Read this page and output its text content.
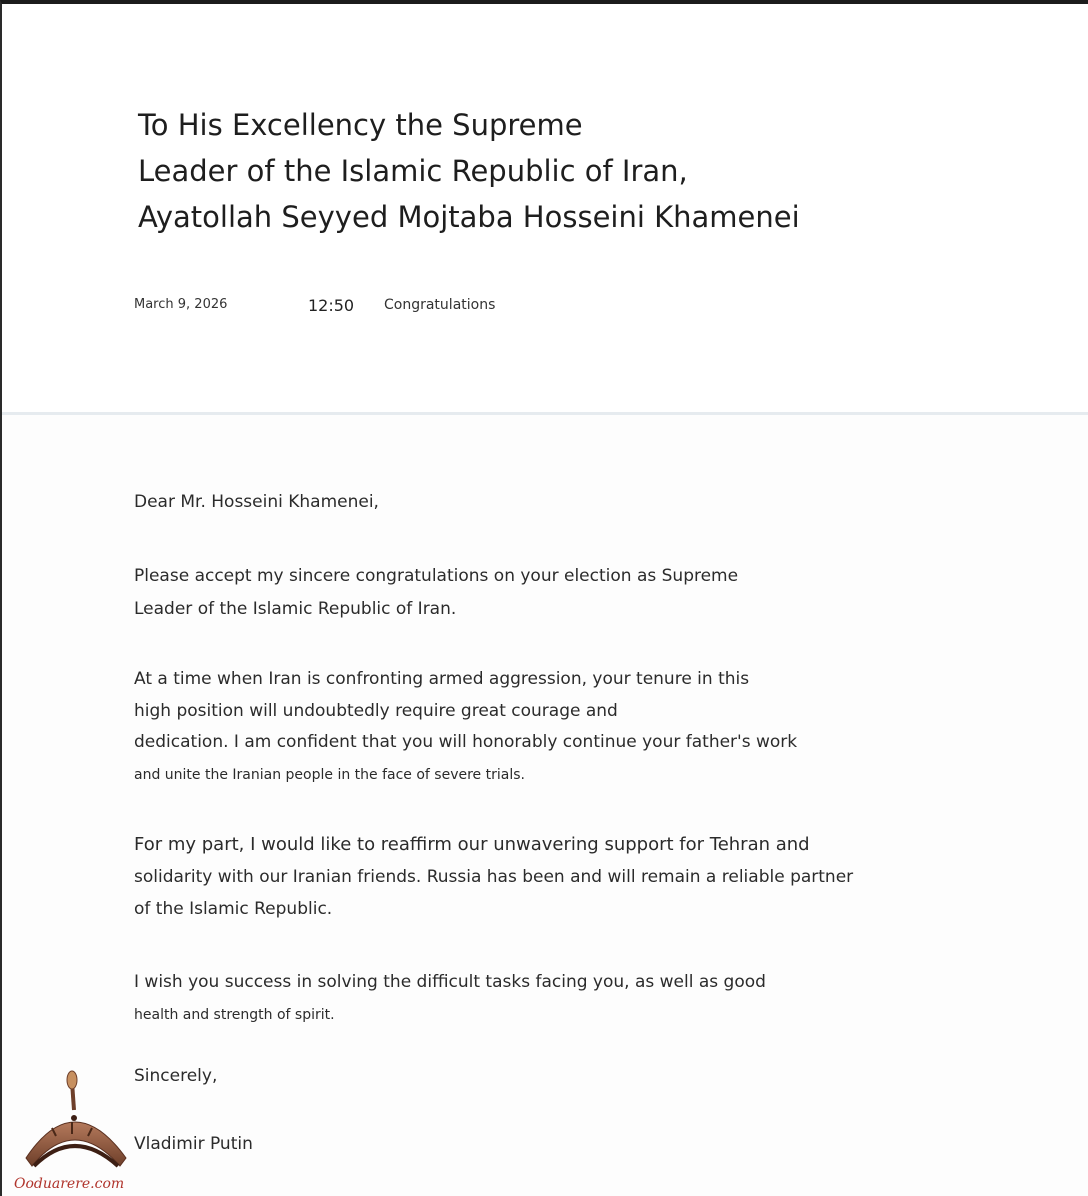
To His Excellency the Supreme
Leader of the Islamic Republic of Iran,
Ayatollah Seyyed Mojtaba Hosseini Khamenei
March 9, 2026	12:50 Congratulations

Dear Mr. Hosseini Khamenei,

Please accept my sincere congratulations on your election as Supreme
Leader of the Islamic Republic of Iran.

At a time when Iran is confronting armed aggression, your tenure in this
high position will undoubtedly require great courage and
dedication. I am confident that you will honorably continue your father's work
and unite the Iranian people in the face of severe trials.

For my part, I would like to reaffirm our unwavering support for Tehran and
solidarity with our Iranian friends. Russia has been and will remain a reliable partner
of the Islamic Republic.

I wish you success in solving the difficult tasks facing you, as well as good
health and strength of spirit.

Sincerely,

Vladimir Putin

Ooduarere.com
